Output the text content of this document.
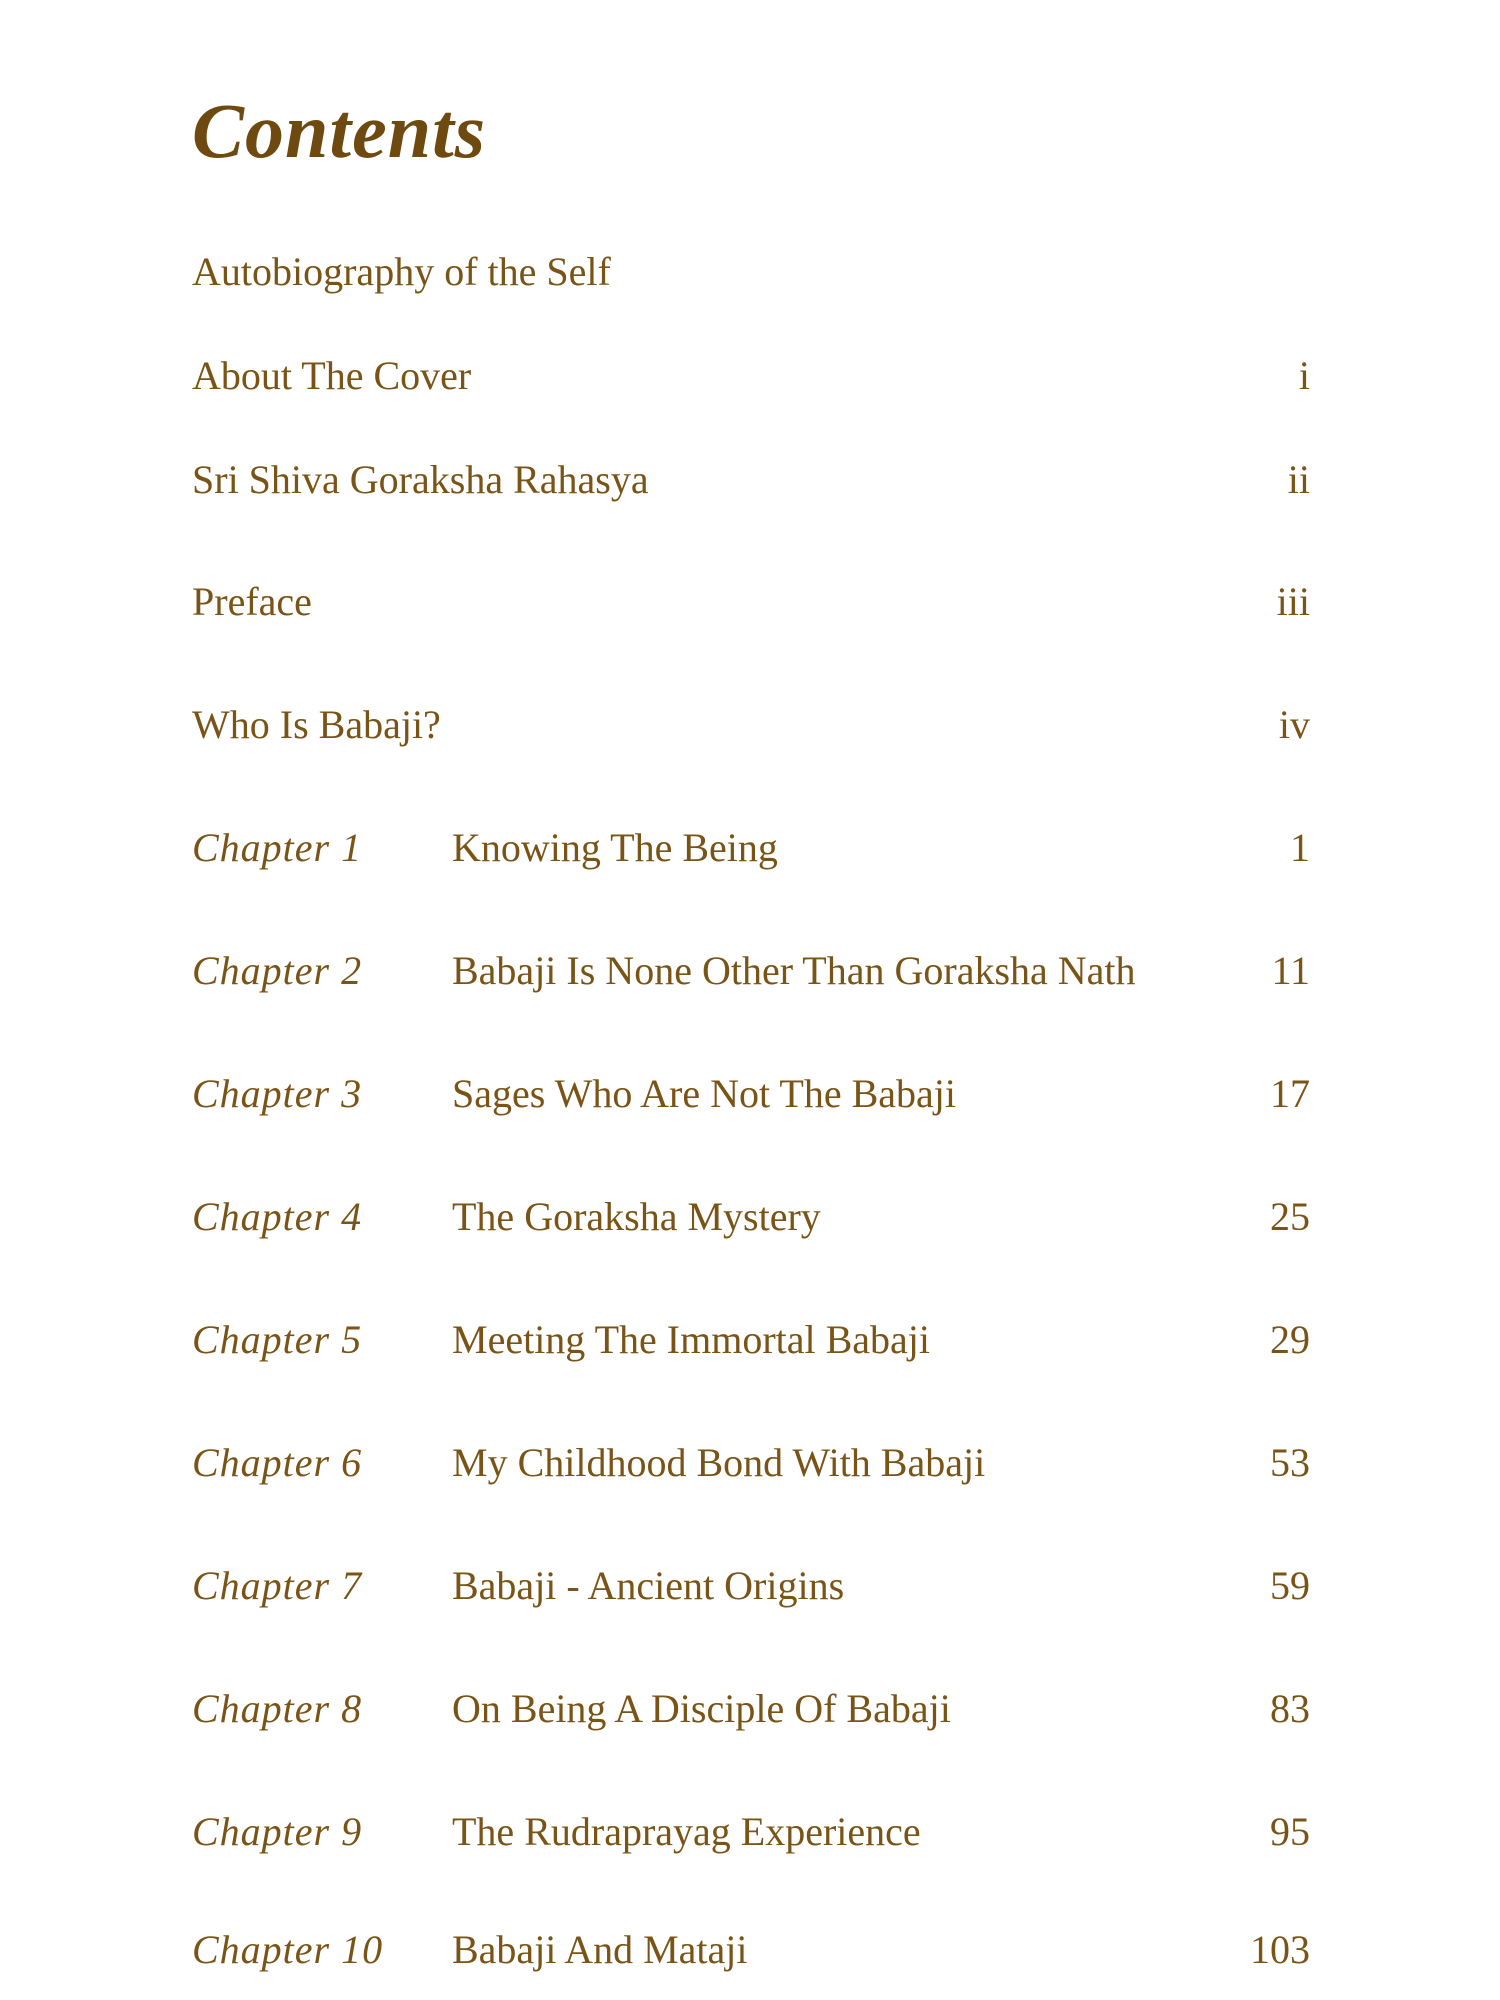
Contents
Autobiography of the Self
About The Cover	i
Sri Shiva Goraksha Rahasya	ii
Preface	iii
Who Is Babaji?	iv
Chapter 1 Knowing The Being	1
Chapter 2 Babaji Is None Other Than Goraksha Nath	11
Chapter 3 Sages Who Are Not The Babaji	17
Chapter 4 The Goraksha Mystery	25
Chapter 5 Meeting The Immortal Babaji	29
Chapter 6 My Childhood Bond With Babaji	53
Chapter 7 Babaji - Ancient Origins	59
Chapter 8 On Being A Disciple Of Babaji	83
Chapter 9 The Rudraprayag Experience	95
Chapter 10 Babaji And Mataji	103
